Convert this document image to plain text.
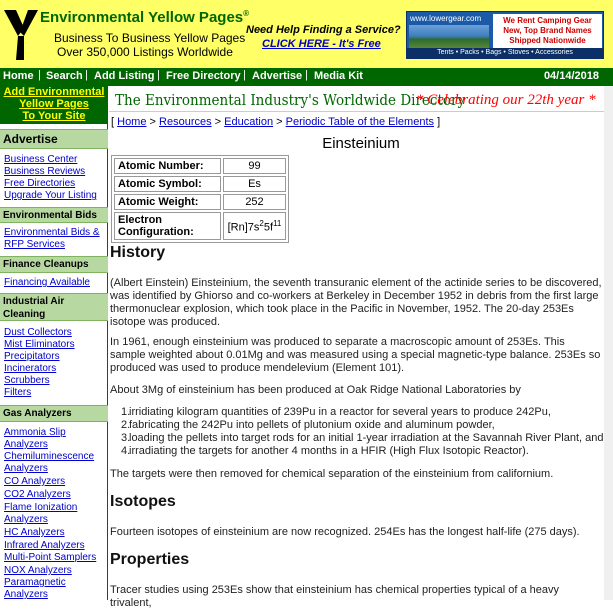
Environmental Yellow Pages®
Business To Business Yellow Pages
Over 350,000 Listings Worldwide
Need Help Finding a Service?
CLICK HERE - It's Free
www.lowergear.com	We Rent Camping Gear
New, Top Brand Names
Shipped Nationwide
Tents • Packs • Bags • Stoves • Accessories
Home | Search | Add Listing | Free Directory | Advertise | Media Kit	04/14/2018
Add Environmental
Yellow Pages
To Your Site
Advertise
Business Center
Business Reviews
Free Directories
Upgrade Your Listing
Environmental Bids
Environmental Bids &
RFP Services
Finance Cleanups
Financing Available
Industrial Air
Cleaning
Dust Collectors
Mist Eliminators
Precipitators
Incinerators
Scrubbers
Filters
Gas Analyzers
Ammonia Slip
Analyzers
Chemiluminescence
Analyzers
CO Analyzers
CO2 Analyzers
Flame Ionization
Analyzers
HC Analyzers
Infrared Analyzers
Multi-Point Samplers
NOX Analyzers
Paramagnetic
Analyzers
The Environmental Industry's Worldwide Directory
* Celebrating our 22th year *
[ Home > Resources > Education > Periodic Table of the Elements ]
Einsteinium
Atomic Number:	99
Atomic Symbol:	Es
Atomic Weight:	252
Electron Configuration:	$[Rn]7s^25f^{11}$
History
(Albert Einstein) Einsteinium, the seventh transuranic element of the actinide series to be discovered, was identified by Ghiorso and co-workers at Berkeley in December 1952 in debris from the first large thermonuclear explosion, which took place in the Pacific in November, 1952. The 20-day 253Es isotope was produced.
In 1961, enough einsteinium was produced to separate a macroscopic amount of 253Es. This sample weighted about 0.01Mg and was measured using a special magnetic-type balance. 253Es so produced was used to produce mendelevium (Element 101).
About 3Mg of einsteinium has been produced at Oak Ridge National Laboratories by
1.
irridiating kilogram quantities of 239Pu in a reactor for several years to produce 242Pu,
2.
fabricating the 242Pu into pellets of plutonium oxide and aluminum powder,
3.
loading the pellets into target rods for an initial 1-year irradiation at the Savannah River Plant, and
4.
irradiating the targets for another 4 months in a HFIR (High Flux Isotopic Reactor).
The targets were then removed for chemical separation of the einsteinium from californium.
Isotopes
Fourteen isotopes of einsteinium are now recognized. 254Es has the longest half-life (275 days).
Properties
Tracer studies using 253Es show that einsteinium has chemical properties typical of a heavy trivalent,
